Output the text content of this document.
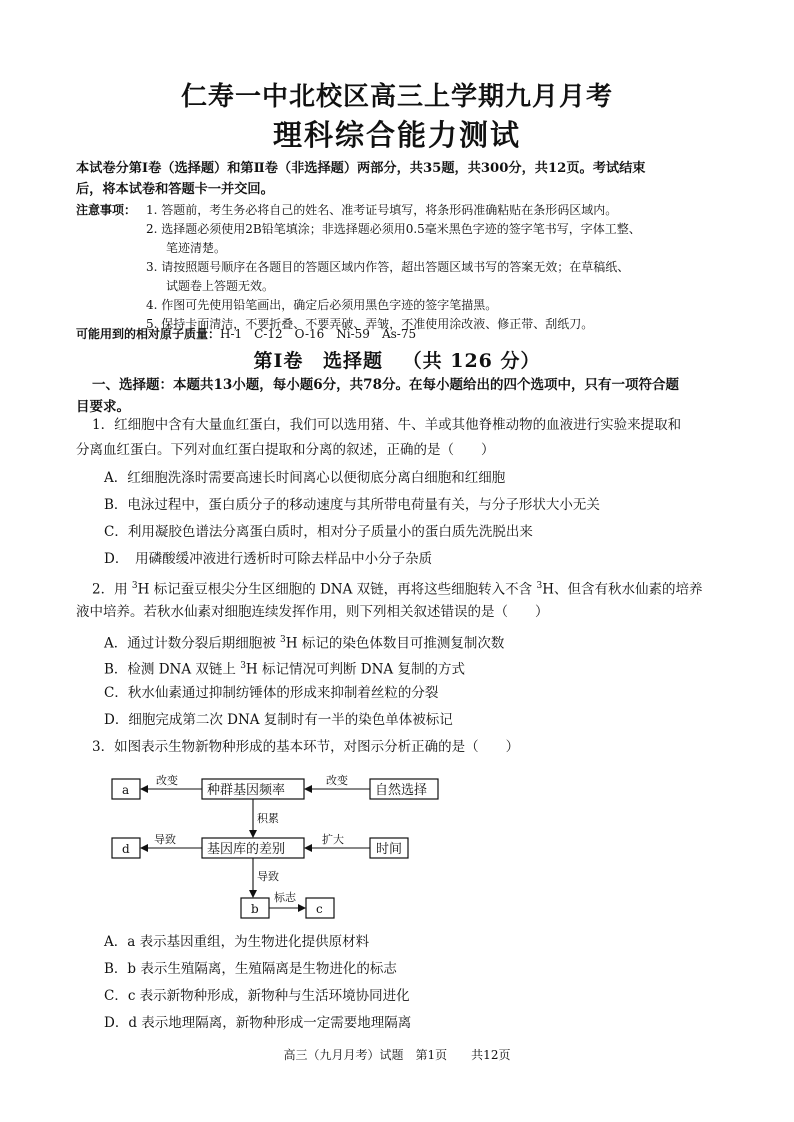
仁寿一中北校区高三上学期九月月考
理科综合能力测试
本试卷分第Ⅰ卷（选择题）和第Ⅱ卷（非选择题）两部分，共35题，共300分，共12页。考试结束
后，将本试卷和答题卡一并交回。
注意事项： 1. 答题前，考生务必将自己的姓名、准考证号填写，将条形码准确粘贴在条形码区域内。
2. 选择题必须使用2B铅笔填涂；非选择题必须用0.5毫米黑色字迹的签字笔书写，字体工整、
笔迹清楚。
3. 请按照题号顺序在各题目的答题区域内作答，超出答题区域书写的答案无效；在草稿纸、
试题卷上答题无效。
4. 作图可先使用铅笔画出，确定后必须用黑色字迹的签字笔描黑。
5. 保持卡面清洁，不要折叠、不要弄破、弄皱，不准使用涂改液、修正带、刮纸刀。
可能用到的相对原子质量：H-1　C-12　O-16　Ni-59　As-75
第Ⅰ卷 选择题 （共 126 分）
一、选择题：本题共13小题，每小题6分，共78分。在每小题给出的四个选项中，只有一项符合题
目要求。
1．红细胞中含有大量血红蛋白，我们可以选用猪、牛、羊或其他脊椎动物的血液进行实验来提取和
分离血红蛋白。下列对血红蛋白提取和分离的叙述，正确的是（　　）
A．红细胞洗涤时需要高速长时间离心以便彻底分离白细胞和红细胞
B．电泳过程中，蛋白质分子的移动速度与其所带电荷量有关，与分子形状大小无关
C．利用凝胶色谱法分离蛋白质时，相对分子质量小的蛋白质先洗脱出来
D．　用磷酸缓冲液进行透析时可除去样品中小分子杂质
2．用 $^3$H 标记蚕豆根尖分生区细胞的 DNA 双链，再将这些细胞转入不含 $^3$H、但含有秋水仙素的培养
液中培养。若秋水仙素对细胞连续发挥作用，则下列相关叙述错误的是（　　）
A．通过计数分裂后期细胞被 $^3$H 标记的染色体数目可推测复制次数
B．检测 DNA 双链上 $^3$H 标记情况可判断 DNA 复制的方式
C．秋水仙素通过抑制纺锤体的形成来抑制着丝粒的分裂
D．细胞完成第二次 DNA 复制时有一半的染色单体被标记
3．如图表示生物新物种形成的基本环节，对图示分析正确的是（　　）
a	种群基因频率	自然选择
d	基因库的差别	时间
b	c
改变	改变
积累
导致	扩大
导致
标志
A．a 表示基因重组，为生物进化提供原材料
B．b 表示生殖隔离，生殖隔离是生物进化的标志
C．c 表示新物种形成，新物种与生活环境协同进化
D．d 表示地理隔离，新物种形成一定需要地理隔离
高三（九月月考）试题　第1页　　共12页
